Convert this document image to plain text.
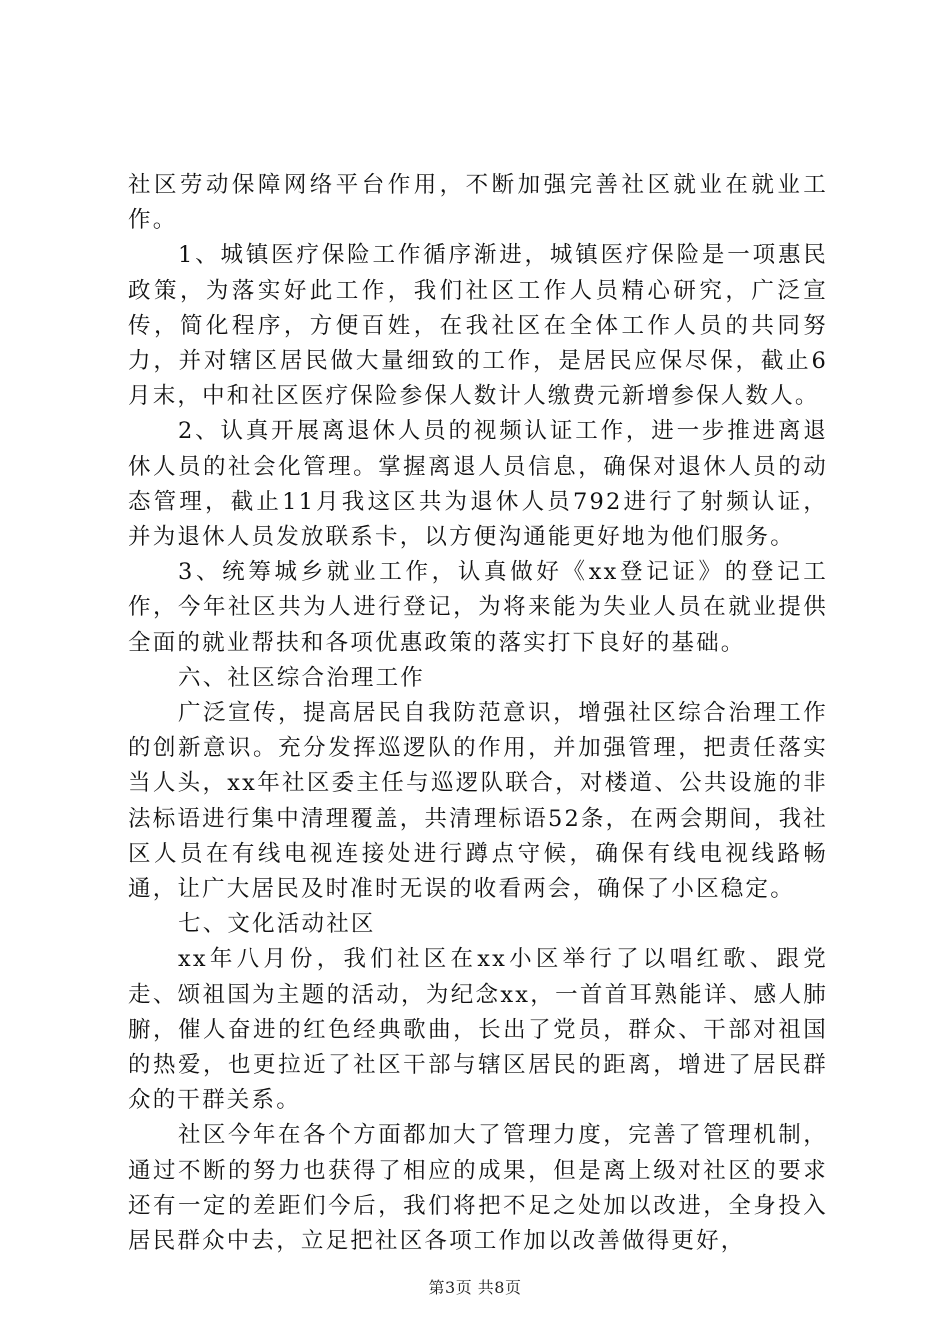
社区劳动保障网络平台作用，不断加强完善社区就业在就业工作。

1、城镇医疗保险工作循序渐进，城镇医疗保险是一项惠民政策，为落实好此工作，我们社区工作人员精心研究，广泛宣传，简化程序，方便百姓，在我社区在全体工作人员的共同努力，并对辖区居民做大量细致的工作，是居民应保尽保，截止6月末，中和社区医疗保险参保人数计人缴费元新增参保人数人。

2、认真开展离退休人员的视频认证工作，进一步推进离退休人员的社会化管理。掌握离退人员信息，确保对退休人员的动态管理，截止11月我这区共为退休人员792进行了射频认证，并为退休人员发放联系卡，以方便沟通能更好地为他们服务。

3、统筹城乡就业工作，认真做好《xx登记证》的登记工作，今年社区共为人进行登记，为将来能为失业人员在就业提供全面的就业帮扶和各项优惠政策的落实打下良好的基础。

六、社区综合治理工作

广泛宣传，提高居民自我防范意识，增强社区综合治理工作的创新意识。充分发挥巡逻队的作用，并加强管理，把责任落实当人头，xx年社区委主任与巡逻队联合，对楼道、公共设施的非法标语进行集中清理覆盖，共清理标语52条，在两会期间，我社区人员在有线电视连接处进行蹲点守候，确保有线电视线路畅通，让广大居民及时准时无误的收看两会，确保了小区稳定。

七、文化活动社区

xx年八月份，我们社区在xx小区举行了以唱红歌、跟党走、颂祖国为主题的活动，为纪念xx，一首首耳熟能详、感人肺腑，催人奋进的红色经典歌曲，长出了党员，群众、干部对祖国的热爱，也更拉近了社区干部与辖区居民的距离，增进了居民群众的干群关系。

社区今年在各个方面都加大了管理力度，完善了管理机制，通过不断的努力也获得了相应的成果，但是离上级对社区的要求还有一定的差距们今后，我们将把不足之处加以改进，全身投入居民群众中去，立足把社区各项工作加以改善做得更好，

第3页 共8页
